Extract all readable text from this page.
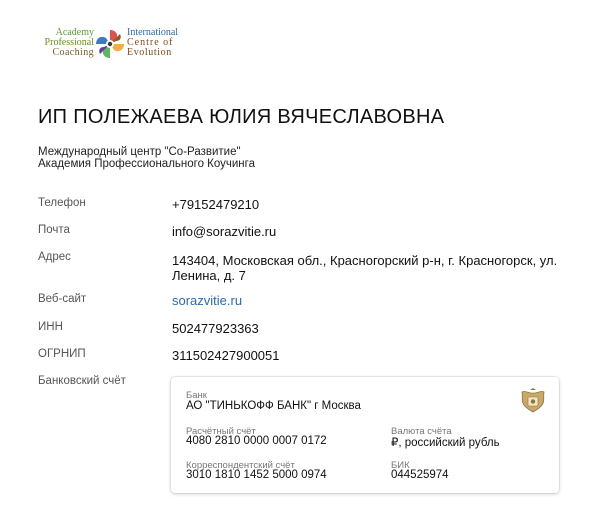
Academy
Professional
Coaching
International
Centre of
Evolution
ИП ПОЛЕЖАЕВА ЮЛИЯ ВЯЧЕСЛАВОВНА
Международный центр "Со-Развитие"
Академия Профессионального Коучинга
Телефон	+79152479210
Почта	info@sorazvitie.ru
Адрес	143404, Московская обл., Красногорский р-н, г. Красногорск, ул. Ленина, д. 7
Веб-сайт	sorazvitie.ru
ИНН	502477923363
ОГРНИП	311502427900051
Банковский счёт
Банк
АО "ТИНЬКОФФ БАНК" г Москва
Расчётный счёт
4080 2810 0000 0007 0172
Валюта счёта
₽, российский рубль
Корреспондентский счёт
3010 1810 1452 5000 0974
БИК
044525974
